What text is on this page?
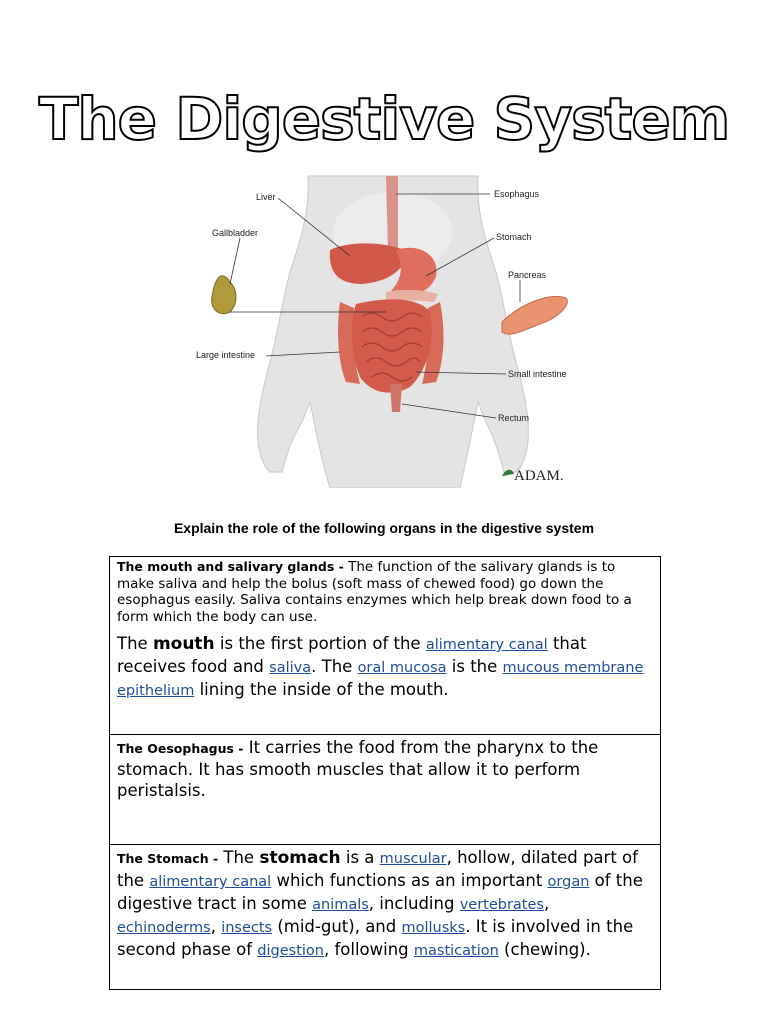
The Digestive System
Liver
Gallbladder
Large intestine
Esophagus
Stomach
Pancreas
Small intestine
Rectum
ADAM.
Explain the role of the following organs in the digestive system
The mouth and salivary glands - The function of the salivary glands is to make saliva and help the bolus (soft mass of chewed food) go down the esophagus easily. Saliva contains enzymes which help break down food to a form which the body can use.
The mouth is the first portion of the alimentary canal that receives food and saliva. The oral mucosa is the mucous membrane epithelium lining the inside of the mouth.
The Oesophagus - It carries the food from the pharynx to the stomach. It has smooth muscles that allow it to perform peristalsis.
The Stomach - The stomach is a muscular, hollow, dilated part of the alimentary canal which functions as an important organ of the digestive tract in some animals, including vertebrates, echinoderms, insects (mid-gut), and mollusks. It is involved in the second phase of digestion, following mastication (chewing).
